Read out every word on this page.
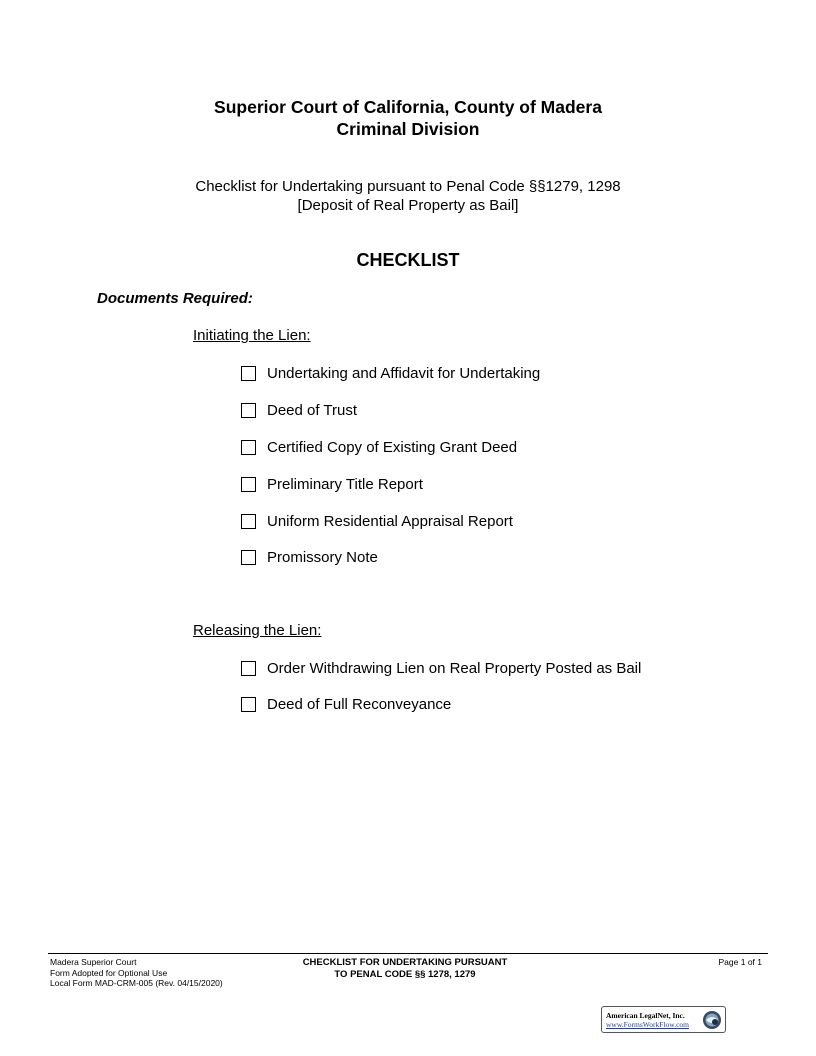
Superior Court of California, County of Madera
Criminal Division
Checklist for Undertaking pursuant to Penal Code §§1279, 1298
[Deposit of Real Property as Bail]
CHECKLIST
Documents Required:
Initiating the Lien:
Undertaking and Affidavit for Undertaking
Deed of Trust
Certified Copy of Existing Grant Deed
Preliminary Title Report
Uniform Residential Appraisal Report
Promissory Note
Releasing the Lien:
Order Withdrawing Lien on Real Property Posted as Bail
Deed of Full Reconveyance
Madera Superior Court
Form Adopted for Optional Use
Local Form MAD-CRM-005 (Rev. 04/15/2020)
CHECKLIST FOR UNDERTAKING PURSUANT
TO PENAL CODE §§ 1278, 1279
Page 1 of 1
American LegalNet, Inc.
www.FormsWorkFlow.com
